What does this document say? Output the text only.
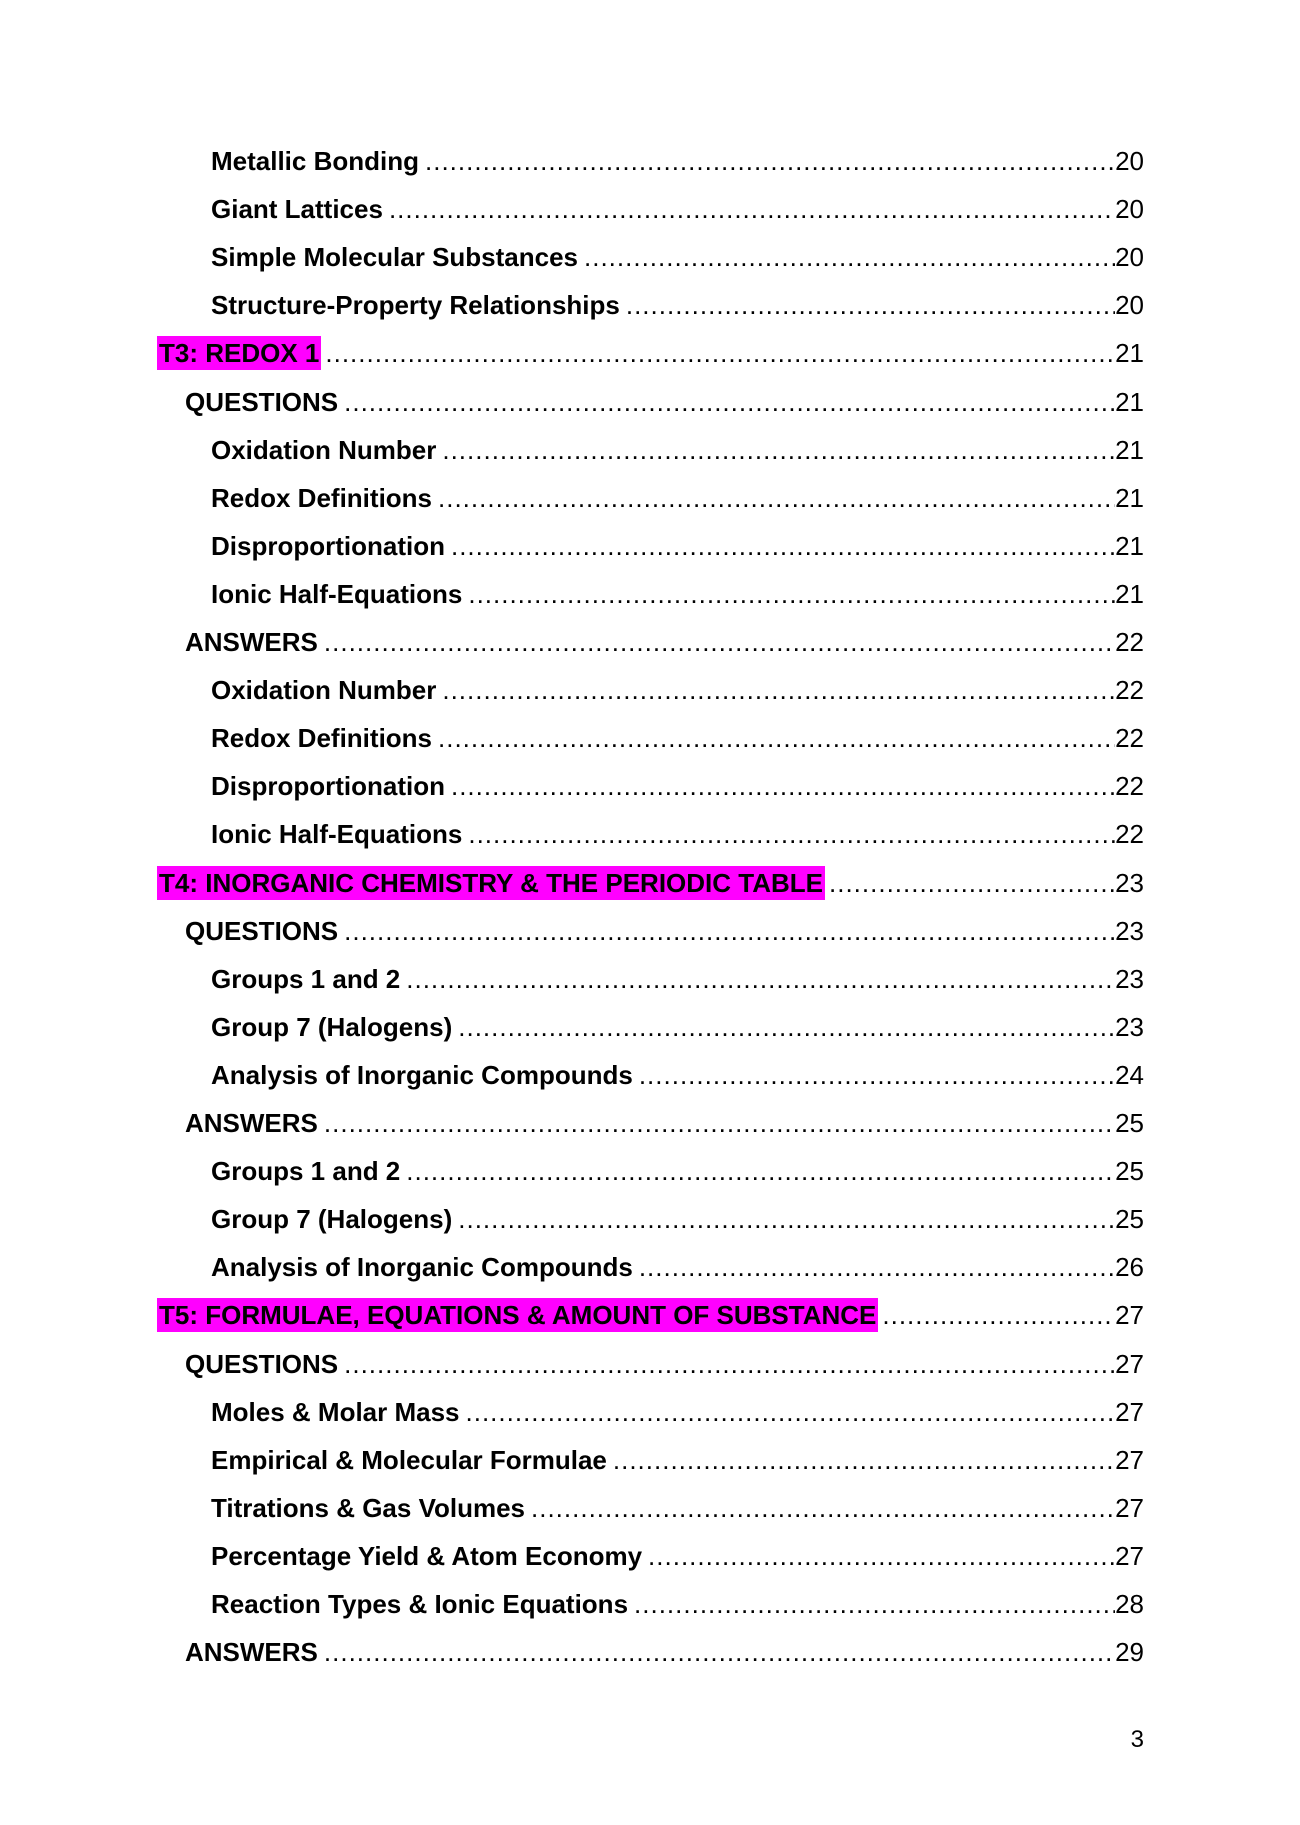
Metallic Bonding .....	20
Giant Lattices .....	20
Simple Molecular Substances .....	20
Structure-Property Relationships .....	20
T3: REDOX 1 .....	21
QUESTIONS .....	21
Oxidation Number .....	21
Redox Definitions .....	21
Disproportionation .....	21
Ionic Half-Equations .....	21
ANSWERS .....	22
Oxidation Number .....	22
Redox Definitions .....	22
Disproportionation .....	22
Ionic Half-Equations .....	22
T4: INORGANIC CHEMISTRY & THE PERIODIC TABLE .....	23
QUESTIONS .....	23
Groups 1 and 2 .....	23
Group 7 (Halogens) .....	23
Analysis of Inorganic Compounds .....	24
ANSWERS .....	25
Groups 1 and 2 .....	25
Group 7 (Halogens) .....	25
Analysis of Inorganic Compounds .....	26
T5: FORMULAE, EQUATIONS & AMOUNT OF SUBSTANCE .....	27
QUESTIONS .....	27
Moles & Molar Mass .....	27
Empirical & Molecular Formulae .....	27
Titrations & Gas Volumes .....	27
Percentage Yield & Atom Economy .....	27
Reaction Types & Ionic Equations .....	28
ANSWERS .....	29
3
